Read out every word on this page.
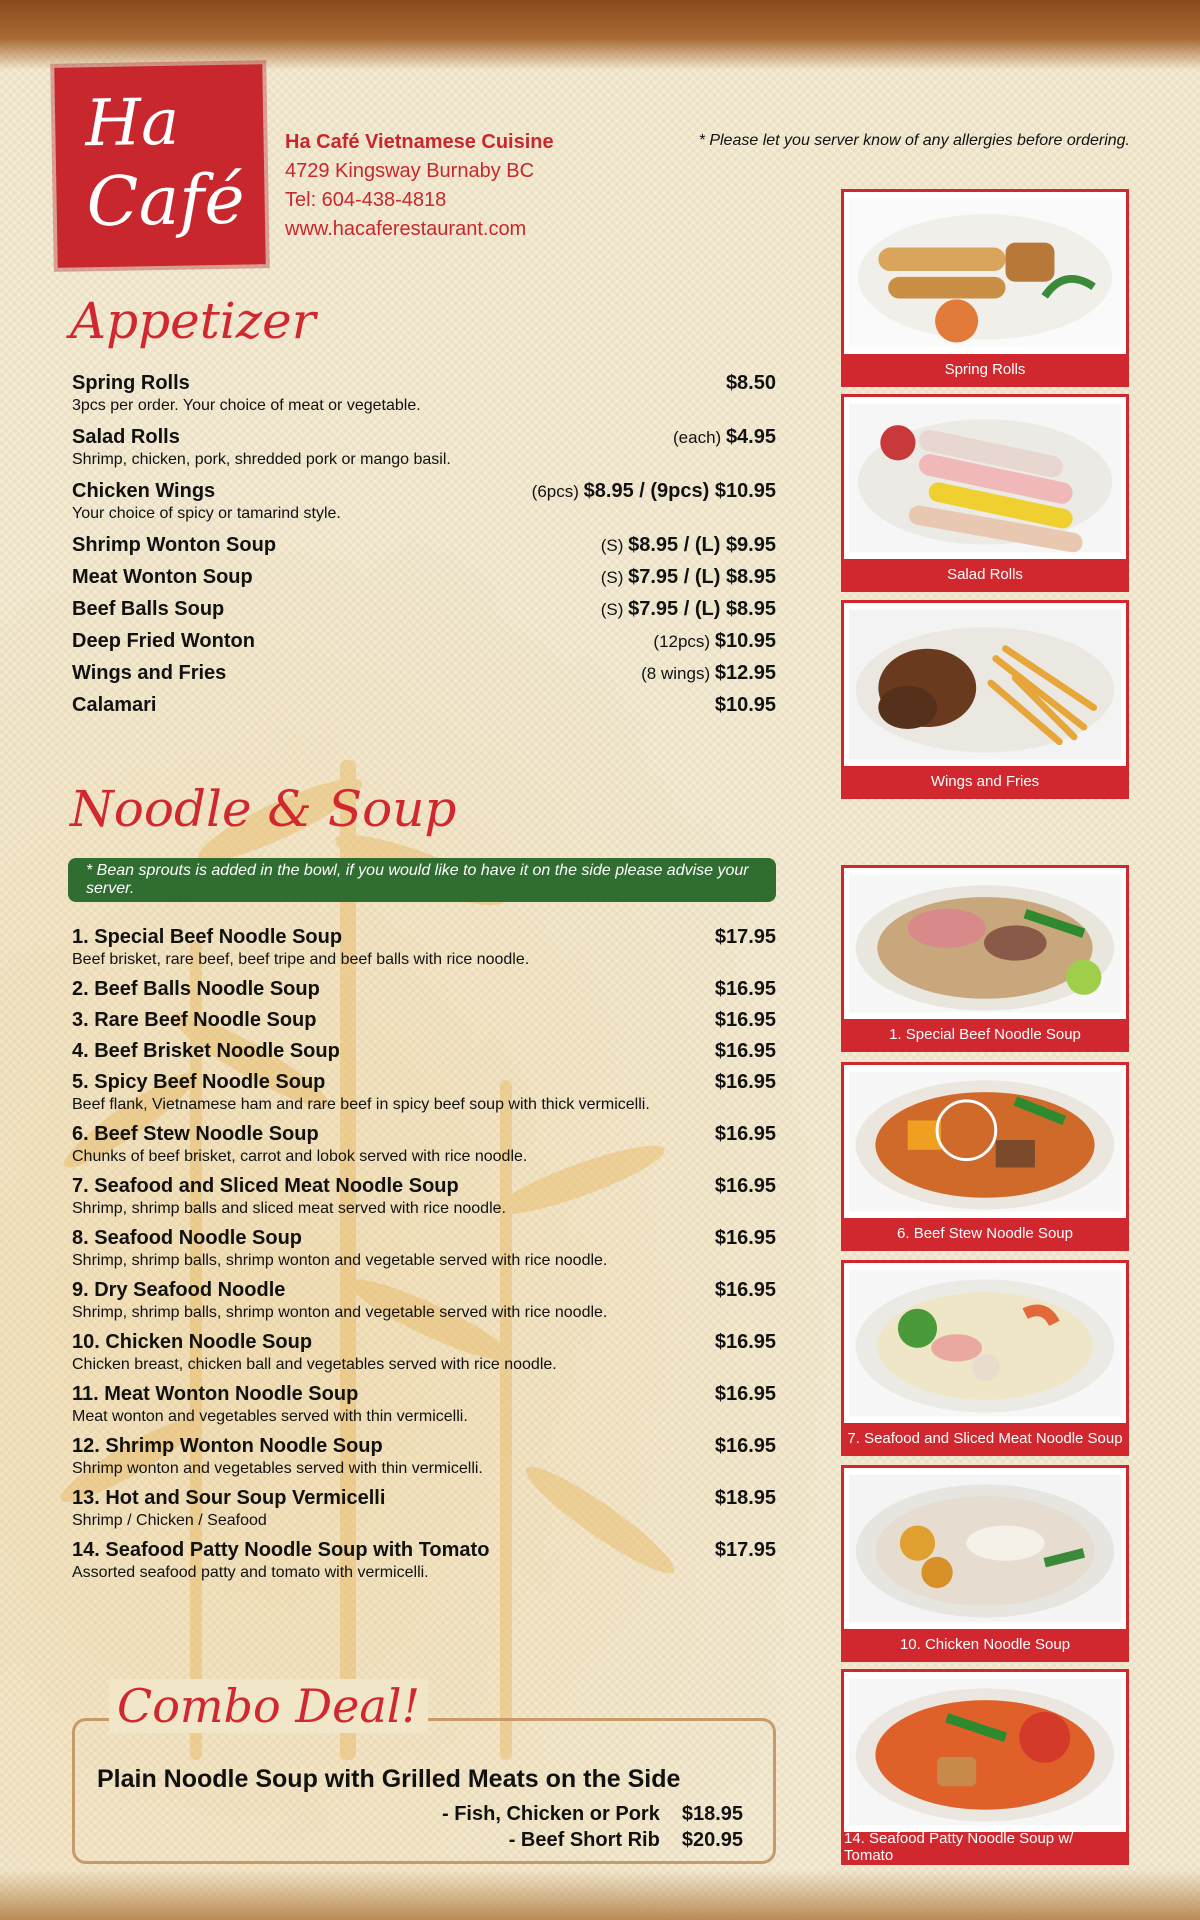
Ha
Café
Ha Café Vietnamese Cuisine
4729 Kingsway Burnaby BC
Tel: 604-438-4818
www.hacaferestaurant.com
* Please let you server know of any allergies before ordering.
Appetizer
Spring Rolls	$8.50
3pcs per order. Your choice of meat or vegetable.
Salad Rolls	(each) $4.95
Shrimp, chicken, pork, shredded pork or mango basil.
Chicken Wings	(6pcs) $8.95 / (9pcs) $10.95
Your choice of spicy or tamarind style.
Shrimp Wonton Soup	(S) $8.95 / (L) $9.95
Meat Wonton Soup	(S) $7.95 / (L) $8.95
Beef Balls Soup	(S) $7.95 / (L) $8.95
Deep Fried Wonton	(12pcs) $10.95
Wings and Fries	(8 wings) $12.95
Calamari	$10.95
Noodle & Soup
* Bean sprouts is added in the bowl, if you would like to have it on the side please advise your server.
1. Special Beef Noodle Soup	$17.95
Beef brisket, rare beef, beef tripe and beef balls with rice noodle.
2. Beef Balls Noodle Soup	$16.95
3. Rare Beef Noodle Soup	$16.95
4. Beef Brisket Noodle Soup	$16.95
5. Spicy Beef Noodle Soup	$16.95
Beef flank, Vietnamese ham and rare beef in spicy beef soup with thick vermicelli.
6. Beef Stew Noodle Soup	$16.95
Chunks of beef brisket, carrot and lobok served with rice noodle.
7. Seafood and Sliced Meat Noodle Soup	$16.95
Shrimp, shrimp balls and sliced meat served with rice noodle.
8. Seafood Noodle Soup	$16.95
Shrimp, shrimp balls, shrimp wonton and vegetable served with rice noodle.
9. Dry Seafood Noodle	$16.95
Shrimp, shrimp balls, shrimp wonton and vegetable served with rice noodle.
10. Chicken Noodle Soup	$16.95
Chicken breast, chicken ball and vegetables served with rice noodle.
11. Meat Wonton Noodle Soup	$16.95
Meat wonton and vegetables served with thin vermicelli.
12. Shrimp Wonton Noodle Soup	$16.95
Shrimp wonton and vegetables served with thin vermicelli.
13. Hot and Sour Soup Vermicelli	$18.95
Shrimp / Chicken / Seafood
14. Seafood Patty Noodle Soup with Tomato	$17.95
Assorted seafood patty and tomato with vermicelli.
Combo Deal!
Plain Noodle Soup with Grilled Meats on the Side
- Fish, Chicken or Pork $18.95
- Beef Short Rib $20.95
Spring Rolls
Salad Rolls
Wings and Fries
1. Special Beef Noodle Soup
6. Beef Stew Noodle Soup
7. Seafood and Sliced Meat Noodle Soup
10. Chicken Noodle Soup
14. Seafood Patty Noodle Soup w/ Tomato
